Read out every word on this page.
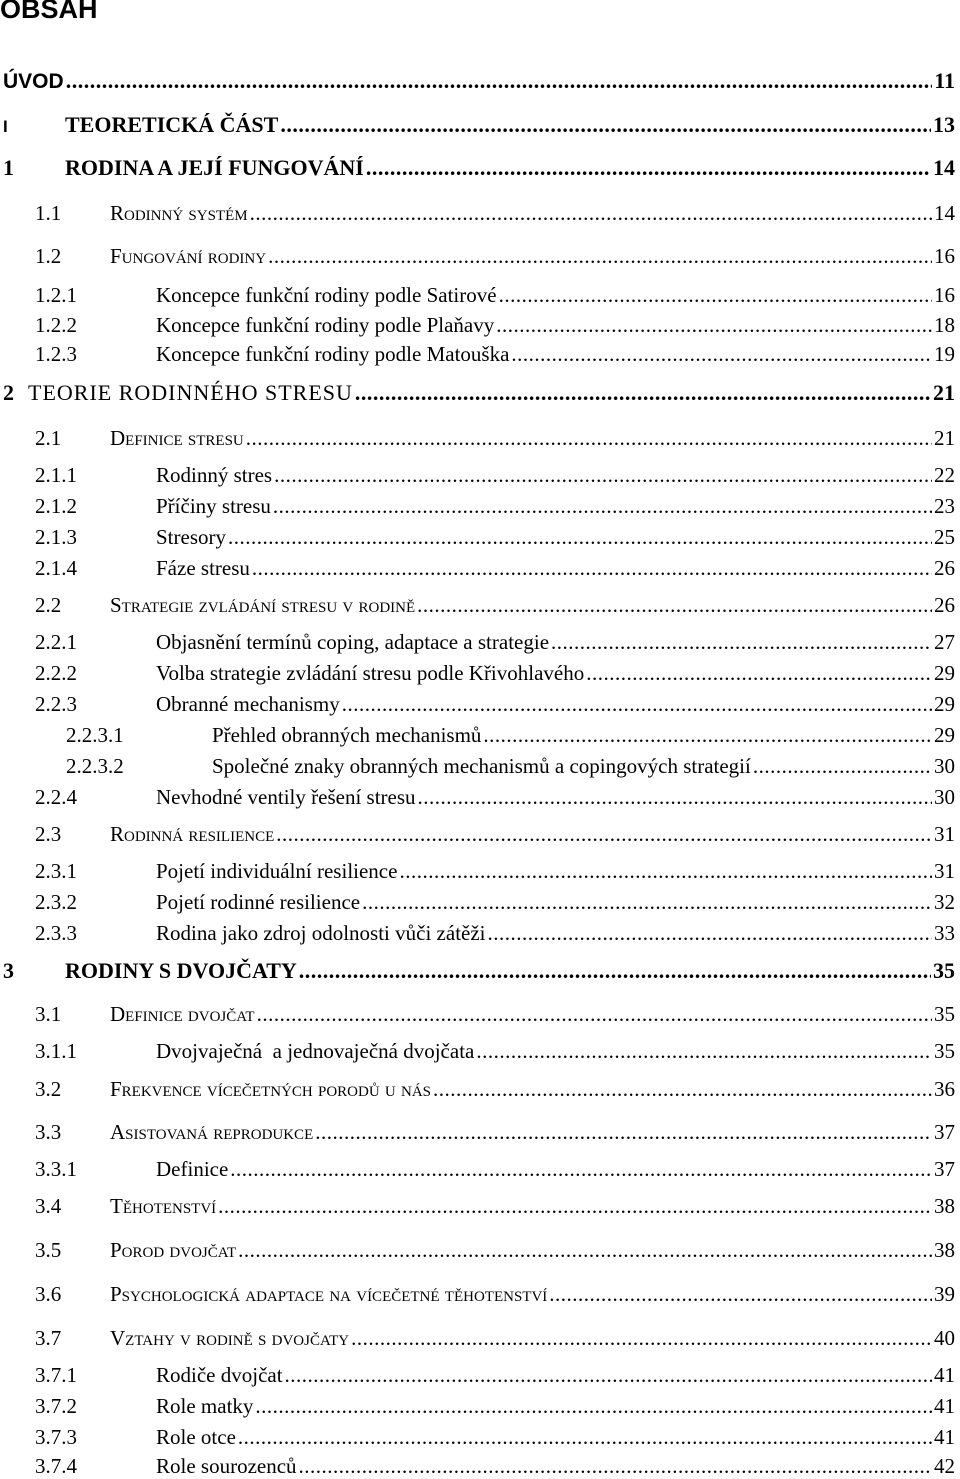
OBSAH
ÚVOD .....	11
I	TEORETICKÁ ČÁST .....	13
1	RODINA A JEJÍ FUNGOVÁNÍ .....	14
1.1	Rodinný systém .....	14
1.2	Fungování rodiny .....	16
1.2.1	Koncepce funkční rodiny podle Satirové .....	16
1.2.2	Koncepce funkční rodiny podle Plaňavy .....	18
1.2.3	Koncepce funkční rodiny podle Matouška .....	19
2 TEORIE RODINNÉHO STRESU .....	21
2.1	Definice stresu .....	21
2.1.1	Rodinný stres .....	22
2.1.2	Příčiny stresu .....	23
2.1.3	Stresory .....	25
2.1.4	Fáze stresu .....	26
2.2	Strategie zvládání stresu v rodině .....	26
2.2.1	Objasnění termínů coping, adaptace a strategie .....	27
2.2.2	Volba strategie zvládání stresu podle Křivohlavého .....	29
2.2.3	Obranné mechanismy .....	29
2.2.3.1	Přehled obranných mechanismů .....	29
2.2.3.2	Společné znaky obranných mechanismů a copingových strategií .....	30
2.2.4	Nevhodné ventily řešení stresu .....	30
2.3	Rodinná resilience .....	31
2.3.1	Pojetí individuální resilience .....	31
2.3.2	Pojetí rodinné resilience .....	32
2.3.3	Rodina jako zdroj odolnosti vůči zátěži .....	33
3	RODINY S DVOJČATY .....	35
3.1	Definice dvojčat .....	35
3.1.1	Dvojvaječná  a jednovaječná dvojčata .....	35
3.2	Frekvence vícečetných porodů u nás .....	36
3.3	Asistovaná reprodukce .....	37
3.3.1	Definice .....	37
3.4	Těhotenství .....	38
3.5	Porod dvojčat .....	38
3.6	Psychologická adaptace na vícečetné těhotenství .....	39
3.7	Vztahy v rodině s dvojčaty .....	40
3.7.1	Rodiče dvojčat .....	41
3.7.2	Role matky .....	41
3.7.3	Role otce .....	41
3.7.4	Role sourozenců .....	42
